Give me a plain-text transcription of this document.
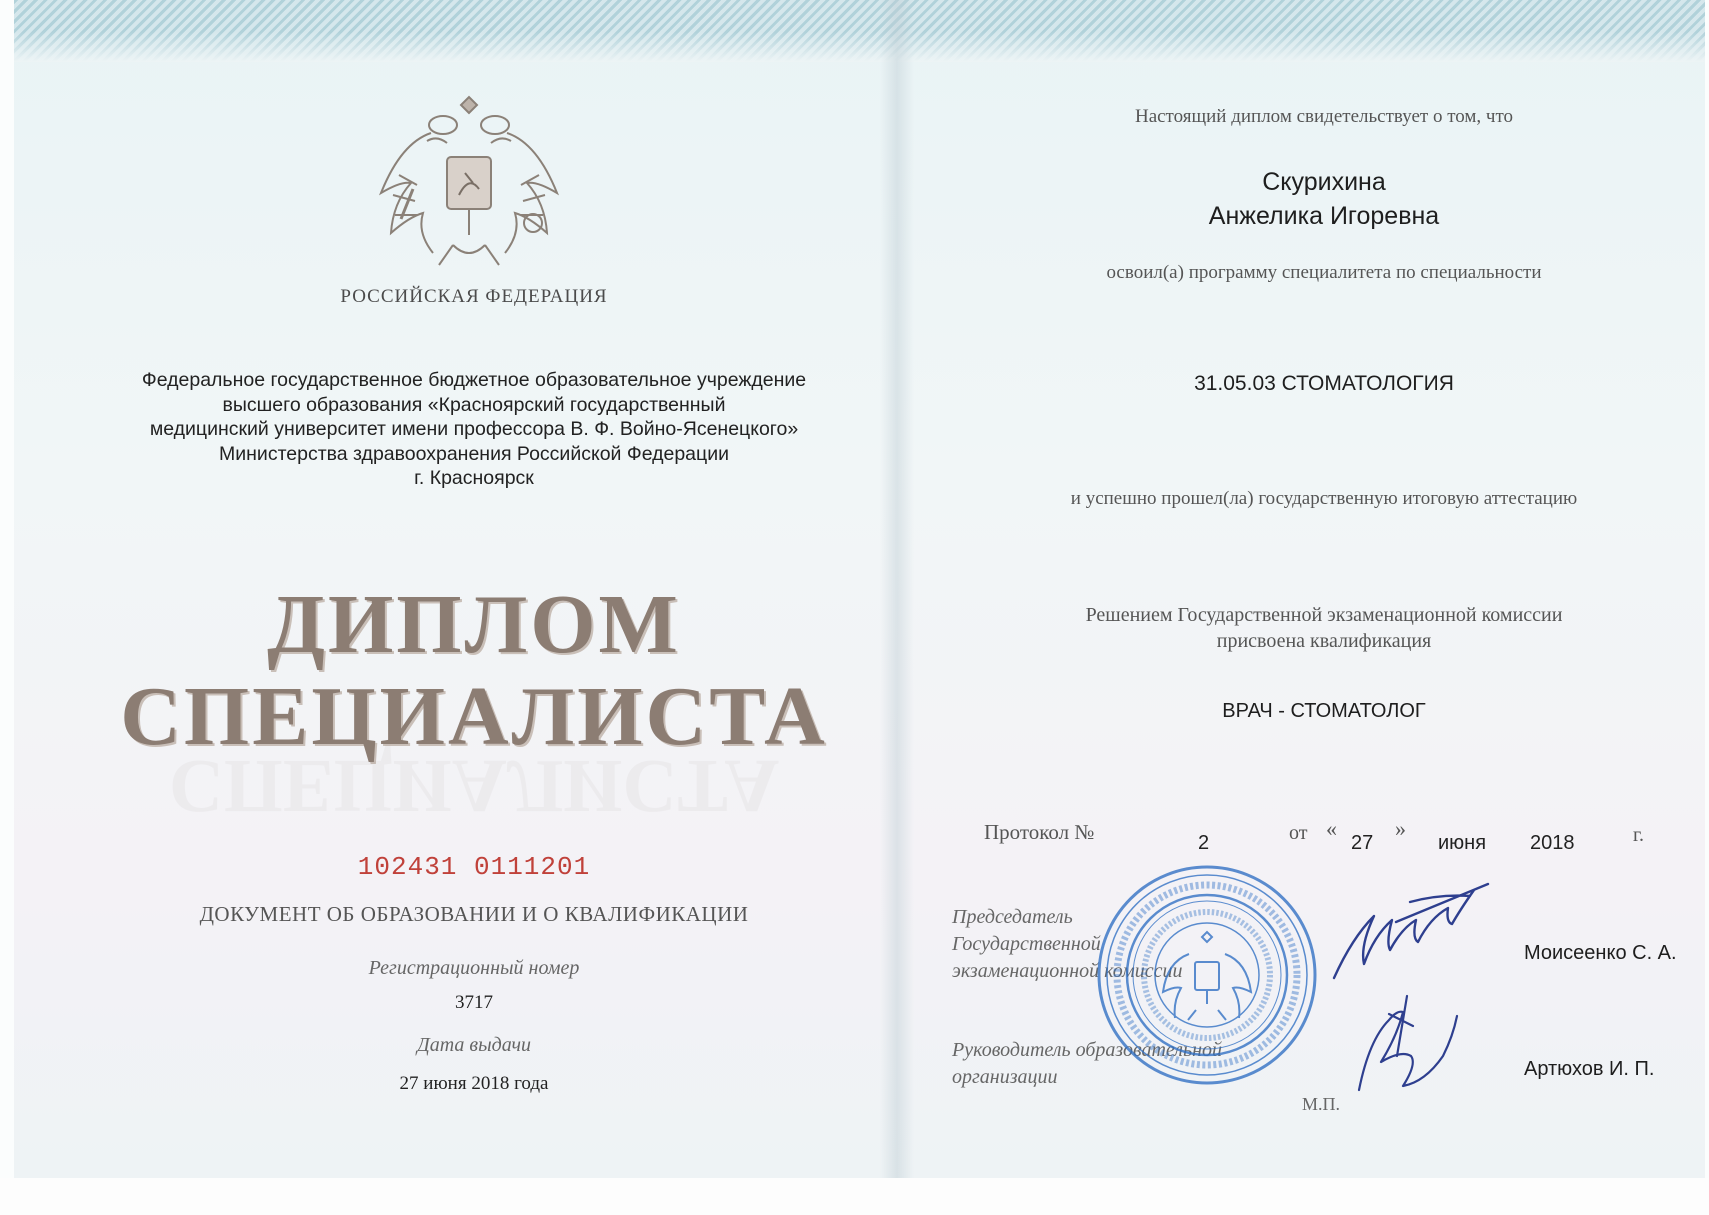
РОССИЙСКАЯ ФЕДЕРАЦИЯ
Федеральное государственное бюджетное образовательное учреждение
высшего образования «Красноярский государственный
медицинский университет имени профессора В. Ф. Войно-Ясенецкого»
Министерства здравоохранения Российской Федерации
г. Красноярск
ДИПЛОМ
СПЕЦИАЛИСТА
СПЕЦИАЛИСТА
102431 0111201
ДОКУМЕНТ ОБ ОБРАЗОВАНИИ И О КВАЛИФИКАЦИИ
Регистрационный номер
3717
Дата выдачи
27 июня 2018 года
Настоящий диплом свидетельствует о том, что
Скурихина
Анжелика Игоревна
освоил(а) программу специалитета по специальности
31.05.03 СТОМАТОЛОГИЯ
и успешно прошел(ла) государственную итоговую аттестацию
Решением Государственной экзаменационной комиссии
присвоена квалификация
ВРАЧ - СТОМАТОЛОГ
Протокол №	2	от «
27
»
июня 2018	г.
Председатель
Государственной
экзаменационной комиссии
Моисеенко С. А.
Руководитель образовательной
организации	Артюхов И. П.
М.П.
